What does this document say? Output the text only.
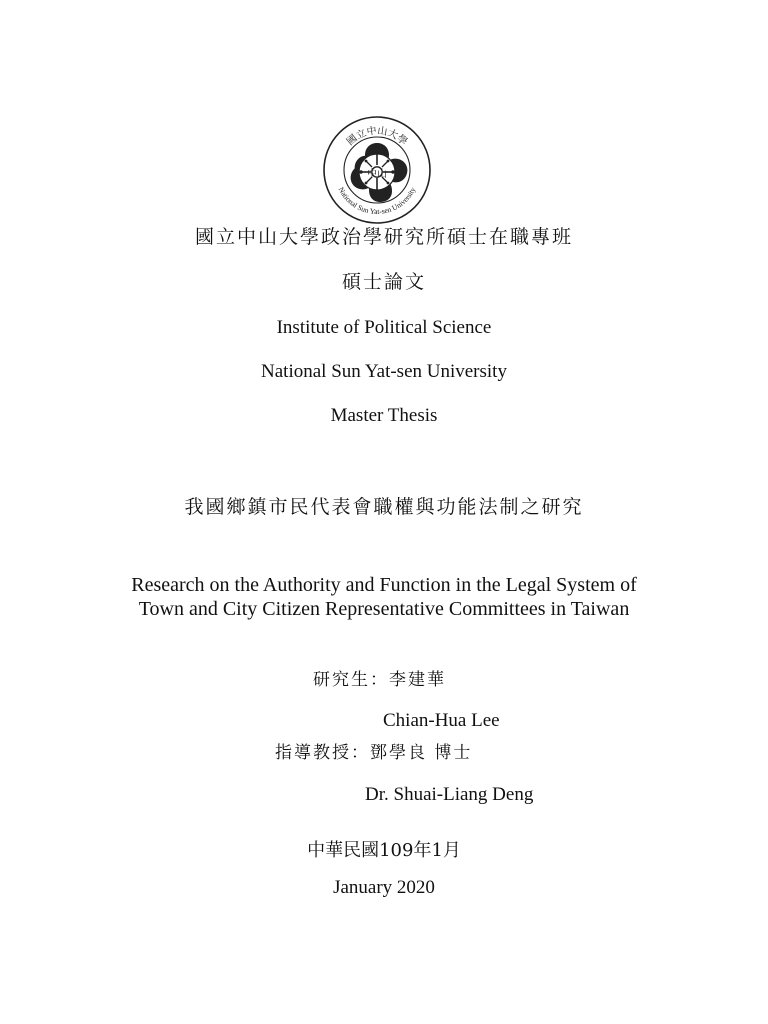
國立中山大學
National Sun Yat-sen University
中山
國立中山大學政治學研究所碩士在職專班
碩士論文
Institute of Political Science
National Sun Yat-sen University
Master Thesis
我國鄉鎮市民代表會職權與功能法制之研究
Research on the Authority and Function in the Legal System of
Town and City Citizen Representative Committees in Taiwan
研究生：李建華
Chian-Hua Lee
指導教授：鄧學良 博士
Dr. Shuai-Liang Deng
中華民國109年1月
January 2020
